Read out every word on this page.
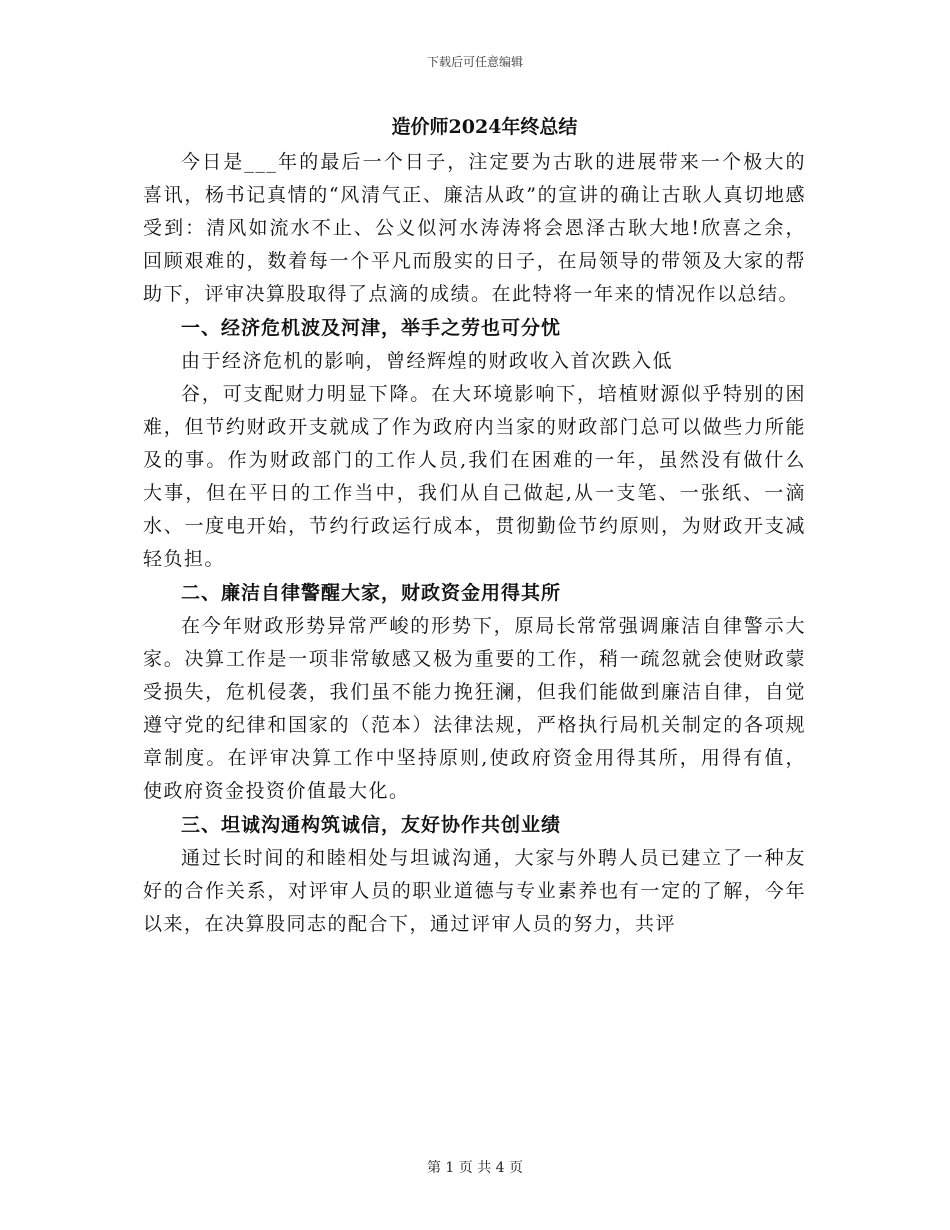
下载后可任意编辑
造价师2024年终总结

今日是___年的最后一个日子，注定要为古耿的进展带来一个极大的喜讯，杨书记真情的“风清气正、廉洁从政”的宣讲的确让古耿人真切地感受到：清风如流水不止、公义似河水涛涛将会恩泽古耿大地!欣喜之余，回顾艰难的，数着每一个平凡而殷实的日子，在局领导的带领及大家的帮助下，评审决算股取得了点滴的成绩。在此特将一年来的情况作以总结。

一、经济危机波及河津，举手之劳也可分忧

由于经济危机的影响，曾经辉煌的财政收入首次跌入低

谷，可支配财力明显下降。在大环境影响下，培植财源似乎特别的困难，但节约财政开支就成了作为政府内当家的财政部门总可以做些力所能及的事。作为财政部门的工作人员,我们在困难的一年，虽然没有做什么大事，但在平日的工作当中，我们从自己做起,从一支笔、一张纸、一滴水、一度电开始，节约行政运行成本，贯彻勤俭节约原则，为财政开支减轻负担。

二、廉洁自律警醒大家，财政资金用得其所

在今年财政形势异常严峻的形势下，原局长常常强调廉洁自律警示大家。决算工作是一项非常敏感又极为重要的工作，稍一疏忽就会使财政蒙受损失，危机侵袭，我们虽不能力挽狂澜，但我们能做到廉洁自律，自觉遵守党的纪律和国家的（范本）法律法规，严格执行局机关制定的各项规章制度。在评审决算工作中坚持原则,使政府资金用得其所，用得有值，使政府资金投资价值最大化。

三、坦诚沟通构筑诚信，友好协作共创业绩

通过长时间的和睦相处与坦诚沟通，大家与外聘人员已建立了一种友好的合作关系，对评审人员的职业道德与专业素养也有一定的了解，今年以来，在决算股同志的配合下，通过评审人员的努力，共评

第 1 页 共 4 页
